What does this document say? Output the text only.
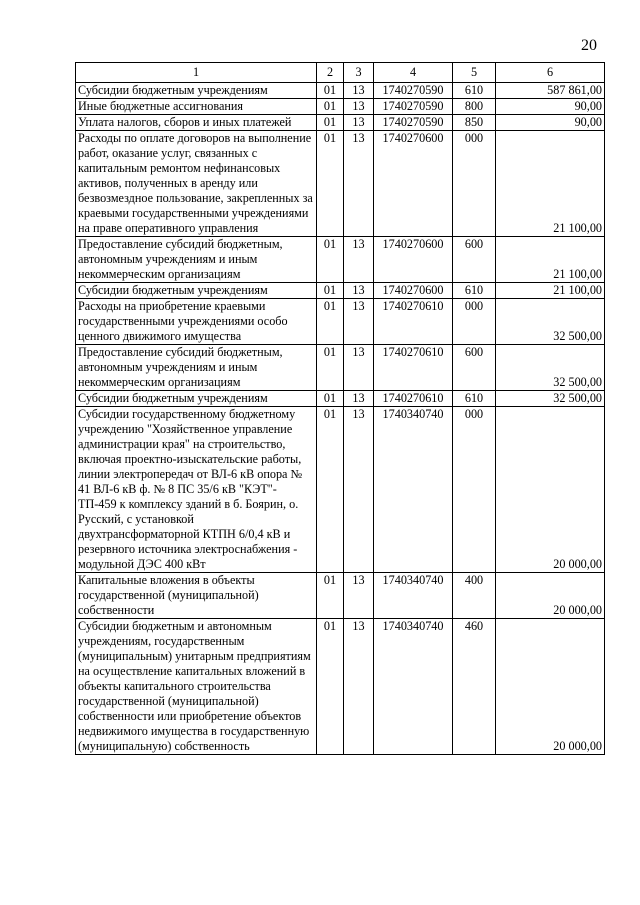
20
1	2	3	4	5	6
Субсидии бюджетным учреждениям	01	13	1740270590	610	587 861,00
Иные бюджетные ассигнования	01	13	1740270590	800	90,00
Уплата налогов, сборов и иных платежей	01	13	1740270590	850	90,00
Расходы по оплате договоров на выполнение работ, оказание услуг, связанных с капитальным ремонтом нефинансовых активов, полученных в аренду или безвозмездное пользование, закрепленных за краевыми государственными учреждениями на праве оперативного управления	01	13	1740270600	000	21 100,00
Предоставление субсидий бюджетным, автономным учреждениям и иным некоммерческим организациям	01	13	1740270600	600	21 100,00
Субсидии бюджетным учреждениям	01	13	1740270600	610	21 100,00
Расходы на приобретение краевыми государственными учреждениями особо ценного движимого имущества	01	13	1740270610	000	32 500,00
Предоставление субсидий бюджетным, автономным учреждениям и иным некоммерческим организациям	01	13	1740270610	600	32 500,00
Субсидии бюджетным учреждениям	01	13	1740270610	610	32 500,00
Субсидии государственному бюджетному учреждению "Хозяйственное управление администрации края" на строительство, включая проектно-изыскательские работы, линии электропередач от ВЛ-6 кВ опора № 41 ВЛ-6 кВ ф. № 8 ПС 35/6 кВ "КЭТ"-ТП-459 к комплексу зданий в б. Боярин, о. Русский, с установкой двухтрансформаторной КТПН 6/0,4 кВ и резервного источника электроснабжения - модульной ДЭС 400 кВт	01	13	1740340740	000	20 000,00
Капитальные вложения в объекты государственной (муниципальной) собственности	01	13	1740340740	400	20 000,00
Субсидии бюджетным и автономным учреждениям, государственным (муниципальным) унитарным предприятиям на осуществление капитальных вложений в объекты капитального строительства государственной (муниципальной) собственности или приобретение объектов недвижимого имущества в государственную (муниципальную) собственность	01	13	1740340740	460	20 000,00
